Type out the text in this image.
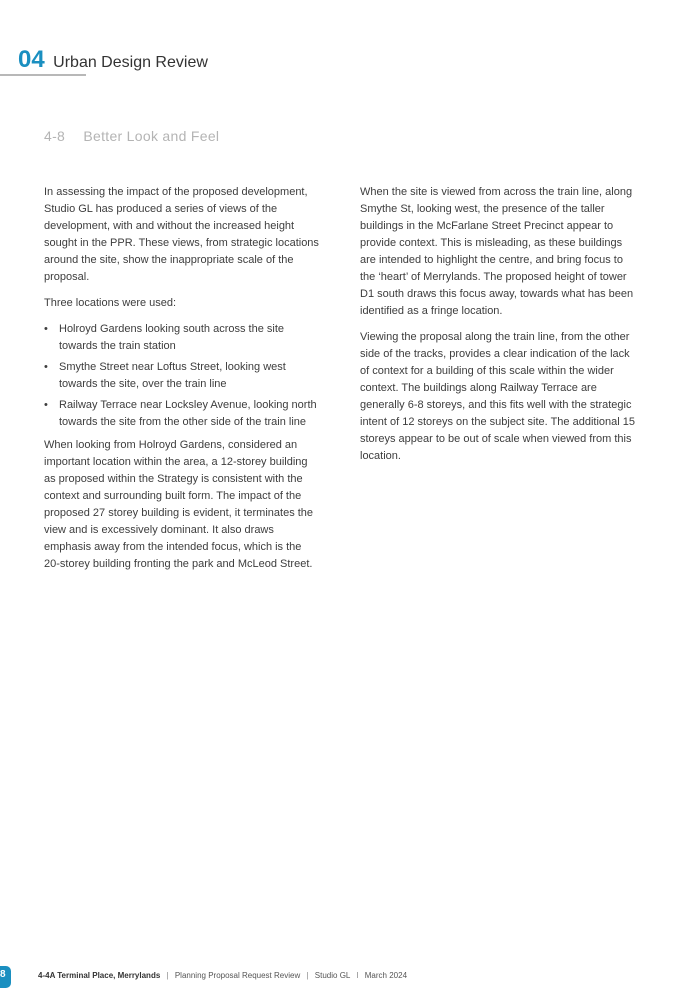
04 Urban Design Review
4-8 Better Look and Feel

In assessing the impact of the proposed development, Studio GL has produced a series of views of the development, with and without the increased height sought in the PPR. These views, from strategic locations around the site, show the inappropriate scale of the proposal.

Three locations were used:

• Holroyd Gardens looking south across the site towards the train station
• Smythe Street near Loftus Street, looking west towards the site, over the train line
• Railway Terrace near Locksley Avenue, looking north towards the site from the other side of the train line

When looking from Holroyd Gardens, considered an important location within the area, a 12-storey building as proposed within the Strategy is consistent with the context and surrounding built form. The impact of the proposed 27 storey building is evident, it terminates the view and is excessively dominant. It also draws emphasis away from the intended focus, which is the 20-storey building fronting the park and McLeod Street.

When the site is viewed from across the train line, along Smythe St, looking west, the presence of the taller buildings in the McFarlane Street Precinct appear to provide context. This is misleading, as these buildings are intended to highlight the centre, and bring focus to the ‘heart’ of Merrylands. The proposed height of tower D1 south draws this focus away, towards what has been identified as a fringe location.

Viewing the proposal along the train line, from the other side of the tracks, provides a clear indication of the lack of context for a building of this scale within the wider context. The buildings along Railway Terrace are generally 6-8 storeys, and this fits well with the strategic intent of 12 storeys on the subject site. The additional 15 storeys appear to be out of scale when viewed from this location.

8	4-4A Terminal Place, Merrylands | Planning Proposal Request Review | Studio GL I March 2024
